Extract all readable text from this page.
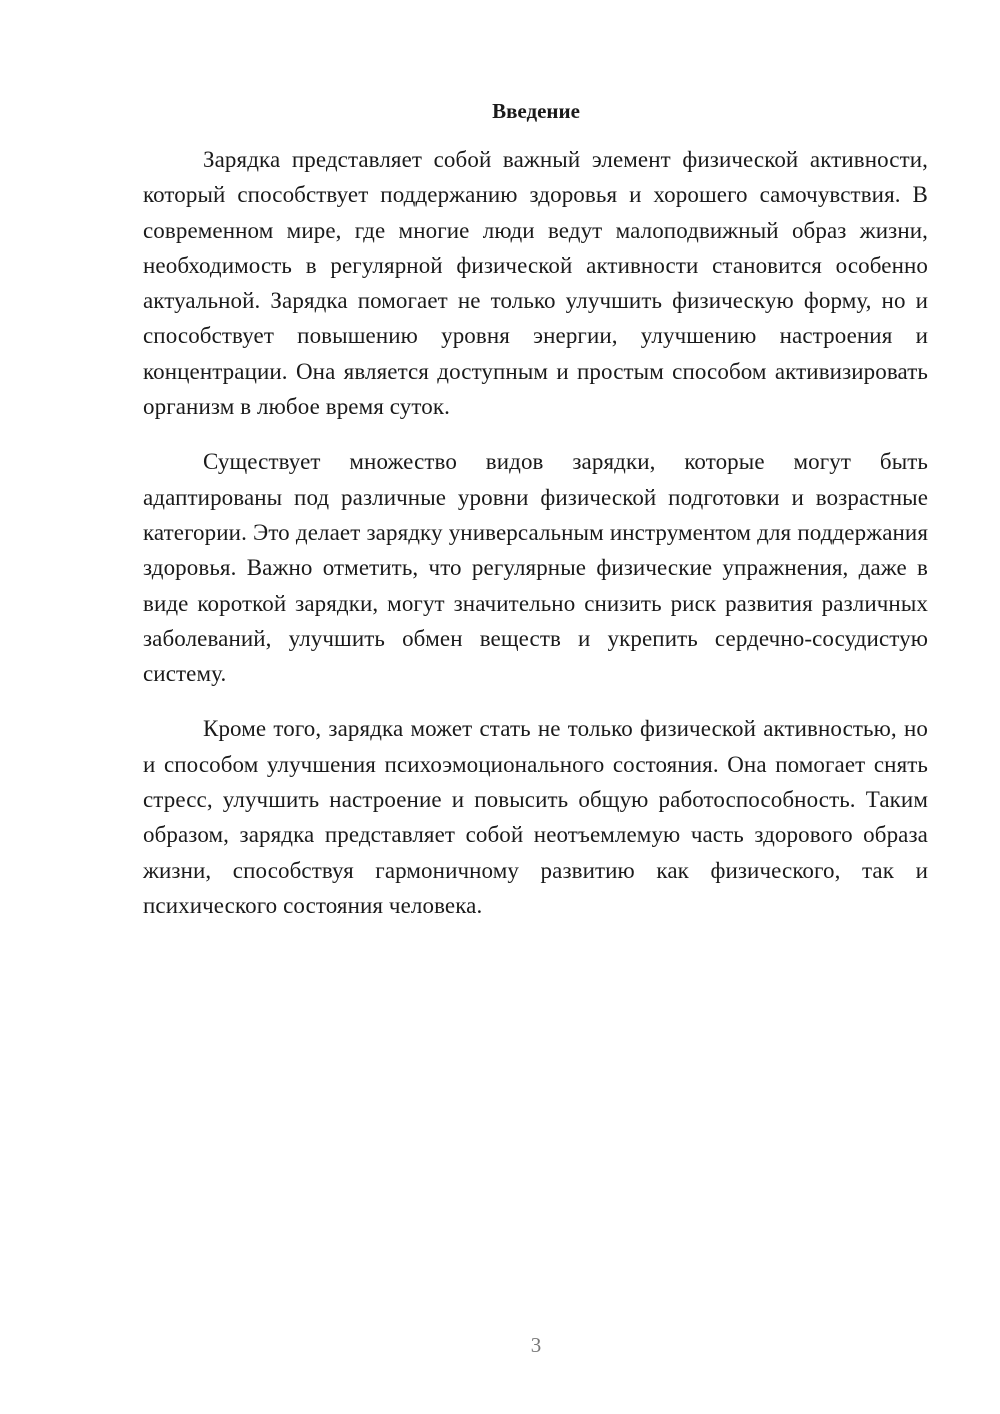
Введение

Зарядка представляет собой важный элемент физической активности, который способствует поддержанию здоровья и хорошего самочувствия. В современном мире, где многие люди ведут малоподвижный образ жизни, необходимость в регулярной физической активности становится особенно актуальной. Зарядка помогает не только улучшить физическую форму, но и способствует повышению уровня энергии, улучшению настроения и концентрации. Она является доступным и простым способом активизировать организм в любое время суток.

Существует множество видов зарядки, которые могут быть адаптированы под различные уровни физической подготовки и возрастные категории. Это делает зарядку универсальным инструментом для поддержания здоровья. Важно отметить, что регулярные физические упражнения, даже в виде короткой зарядки, могут значительно снизить риск развития различных заболеваний, улучшить обмен веществ и укрепить сердечно-сосудистую систему.

Кроме того, зарядка может стать не только физической активностью, но и способом улучшения психоэмоционального состояния. Она помогает снять стресс, улучшить настроение и повысить общую работоспособность. Таким образом, зарядка представляет собой неотъемлемую часть здорового образа жизни, способствуя гармоничному развитию как физического, так и психического состояния человека.

3
